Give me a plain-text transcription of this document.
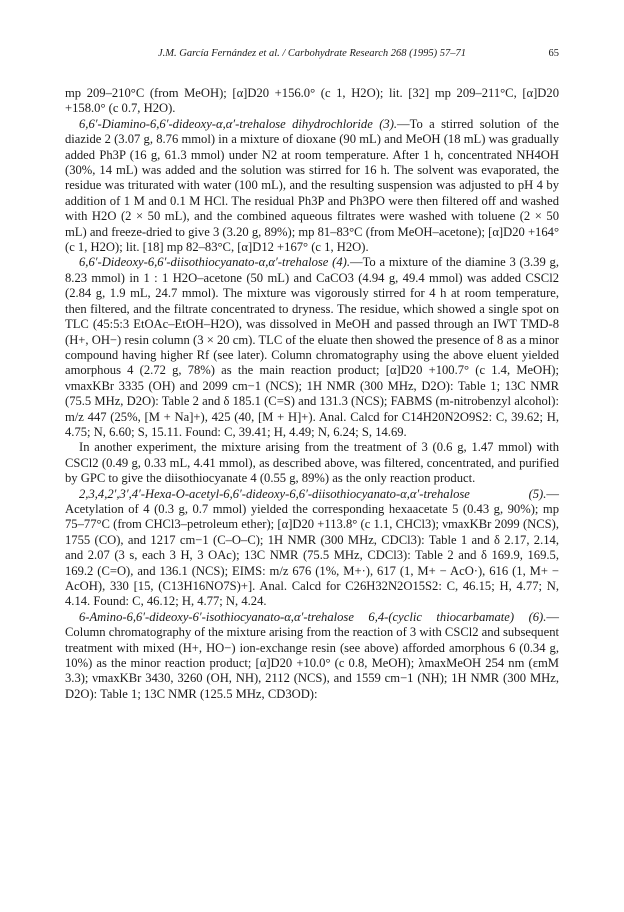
J.M. García Fernández et al. / Carbohydrate Research 268 (1995) 57–71	65

mp 209–210°C (from MeOH); [α]D20 +156.0° (c 1, H2O); lit. [32] mp 209–211°C, [α]D20 +158.0° (c 0.7, H2O).

6,6′-Diamino-6,6′-dideoxy-α,α′-trehalose dihydrochloride (3).—To a stirred solution of the diazide 2 (3.07 g, 8.76 mmol) in a mixture of dioxane (90 mL) and MeOH (18 mL) was gradually added Ph3P (16 g, 61.3 mmol) under N2 at room temperature. After 1 h, concentrated NH4OH (30%, 14 mL) was added and the solution was stirred for 16 h. The solvent was evaporated, the residue was triturated with water (100 mL), and the resulting suspension was adjusted to pH 4 by addition of 1 M and 0.1 M HCl. The residual Ph3P and Ph3PO were then filtered off and washed with H2O (2 × 50 mL), and the combined aqueous filtrates were washed with toluene (2 × 50 mL) and freeze-dried to give 3 (3.20 g, 89%); mp 81–83°C (from MeOH–acetone); [α]D20 +164° (c 1, H2O); lit. [18] mp 82–83°C, [α]D12 +167° (c 1, H2O).

6,6′-Dideoxy-6,6′-diisothiocyanato-α,α′-trehalose (4).—To a mixture of the diamine 3 (3.39 g, 8.23 mmol) in 1 : 1 H2O–acetone (50 mL) and CaCO3 (4.94 g, 49.4 mmol) was added CSCl2 (2.84 g, 1.9 mL, 24.7 mmol). The mixture was vigorously stirred for 4 h at room temperature, then filtered, and the filtrate concentrated to dryness. The residue, which showed a single spot on TLC (45:5:3 EtOAc–EtOH–H2O), was dissolved in MeOH and passed through an IWT TMD-8 (H+, OH−) resin column (3 × 20 cm). TLC of the eluate then showed the presence of 8 as a minor compound having higher Rf (see later). Column chromatography using the above eluent yielded amorphous 4 (2.72 g, 78%) as the main reaction product; [α]D20 +100.7° (c 1.4, MeOH); νmaxKBr 3335 (OH) and 2099 cm−1 (NCS); 1H NMR (300 MHz, D2O): Table 1; 13C NMR (75.5 MHz, D2O): Table 2 and δ 185.1 (C=S) and 131.3 (NCS); FABMS (m-nitrobenzyl alcohol): m/z 447 (25%, [M + Na]+), 425 (40, [M + H]+). Anal. Calcd for C14H20N2O9S2: C, 39.62; H, 4.75; N, 6.60; S, 15.11. Found: C, 39.41; H, 4.49; N, 6.24; S, 14.69.

In another experiment, the mixture arising from the treatment of 3 (0.6 g, 1.47 mmol) with CSCl2 (0.49 g, 0.33 mL, 4.41 mmol), as described above, was filtered, concentrated, and purified by GPC to give the diisothiocyanate 4 (0.55 g, 89%) as the only reaction product.

2,3,4,2′,3′,4′-Hexa-O-acetyl-6,6′-dideoxy-6,6′-diisothiocyanato-α,α′-trehalose (5).—Acetylation of 4 (0.3 g, 0.7 mmol) yielded the corresponding hexaacetate 5 (0.43 g, 90%); mp 75–77°C (from CHCl3–petroleum ether); [α]D20 +113.8° (c 1.1, CHCl3); νmaxKBr 2099 (NCS), 1755 (CO), and 1217 cm−1 (C–O–C); 1H NMR (300 MHz, CDCl3): Table 1 and δ 2.17, 2.14, and 2.07 (3 s, each 3 H, 3 OAc); 13C NMR (75.5 MHz, CDCl3): Table 2 and δ 169.9, 169.5, 169.2 (C=O), and 136.1 (NCS); EIMS: m/z 676 (1%, M+·), 617 (1, M+ − AcO·), 616 (1, M+ − AcOH), 330 [15, (C13H16NO7S)+]. Anal. Calcd for C26H32N2O15S2: C, 46.15; H, 4.77; N, 4.14. Found: C, 46.12; H, 4.77; N, 4.24.

6-Amino-6,6′-dideoxy-6′-isothiocyanato-α,α′-trehalose 6,4-(cyclic thiocarbamate) (6).—Column chromatography of the mixture arising from the reaction of 3 with CSCl2 and subsequent treatment with mixed (H+, HO−) ion-exchange resin (see above) afforded amorphous 6 (0.34 g, 10%) as the minor reaction product; [α]D20 +10.0° (c 0.8, MeOH); λmaxMeOH 254 nm (εmM 3.3); νmaxKBr 3430, 3260 (OH, NH), 2112 (NCS), and 1559 cm−1 (NH); 1H NMR (300 MHz, D2O): Table 1; 13C NMR (125.5 MHz, CD3OD):
